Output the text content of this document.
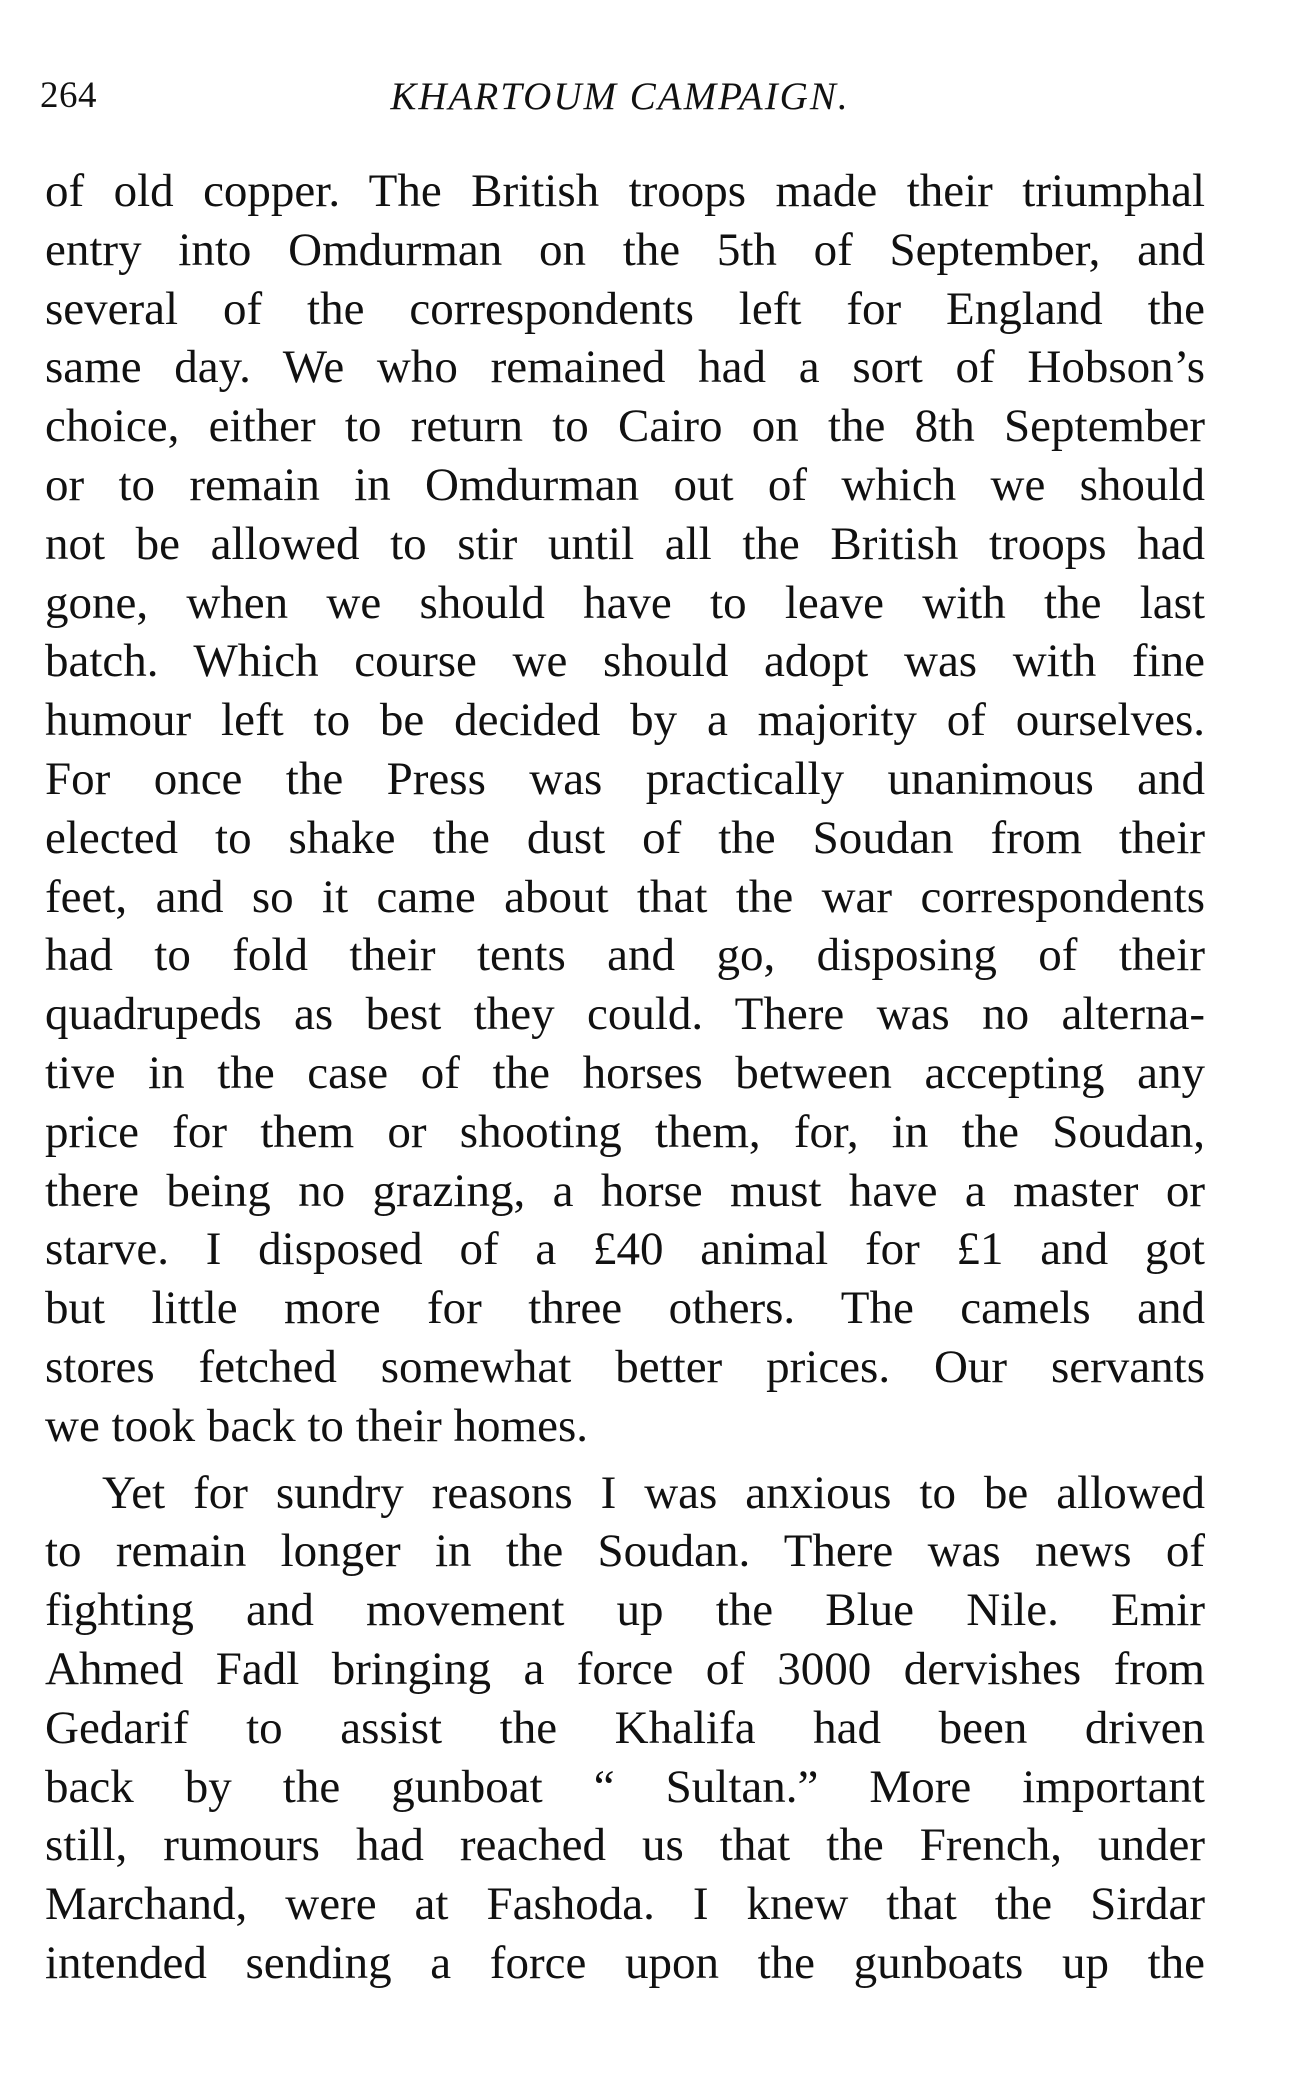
264	KHARTOUM CAMPAIGN.
of old copper. The British troops made their triumphal
entry into Omdurman on the 5th of September, and
several of the correspondents left for England the
same day. We who remained had a sort of Hobson’s
choice, either to return to Cairo on the 8th September
or to remain in Omdurman out of which we should
not be allowed to stir until all the British troops had
gone, when we should have to leave with the last
batch. Which course we should adopt was with fine
humour left to be decided by a majority of ourselves.
For once the Press was practically unanimous and
elected to shake the dust of the Soudan from their
feet, and so it came about that the war correspondents
had to fold their tents and go, disposing of their
quadrupeds as best they could. There was no alterna-
tive in the case of the horses between accepting any
price for them or shooting them, for, in the Soudan,
there being no grazing, a horse must have a master or
starve. I disposed of a £40 animal for £1 and got
but little more for three others. The camels and
stores fetched somewhat better prices. Our servants
we took back to their homes.
Yet for sundry reasons I was anxious to be allowed
to remain longer in the Soudan. There was news of
fighting and movement up the Blue Nile. Emir
Ahmed Fadl bringing a force of 3000 dervishes from
Gedarif to assist the Khalifa had been driven
back by the gunboat “ Sultan.” More important
still, rumours had reached us that the French, under
Marchand, were at Fashoda. I knew that the Sirdar
intended sending a force upon the gunboats up the
